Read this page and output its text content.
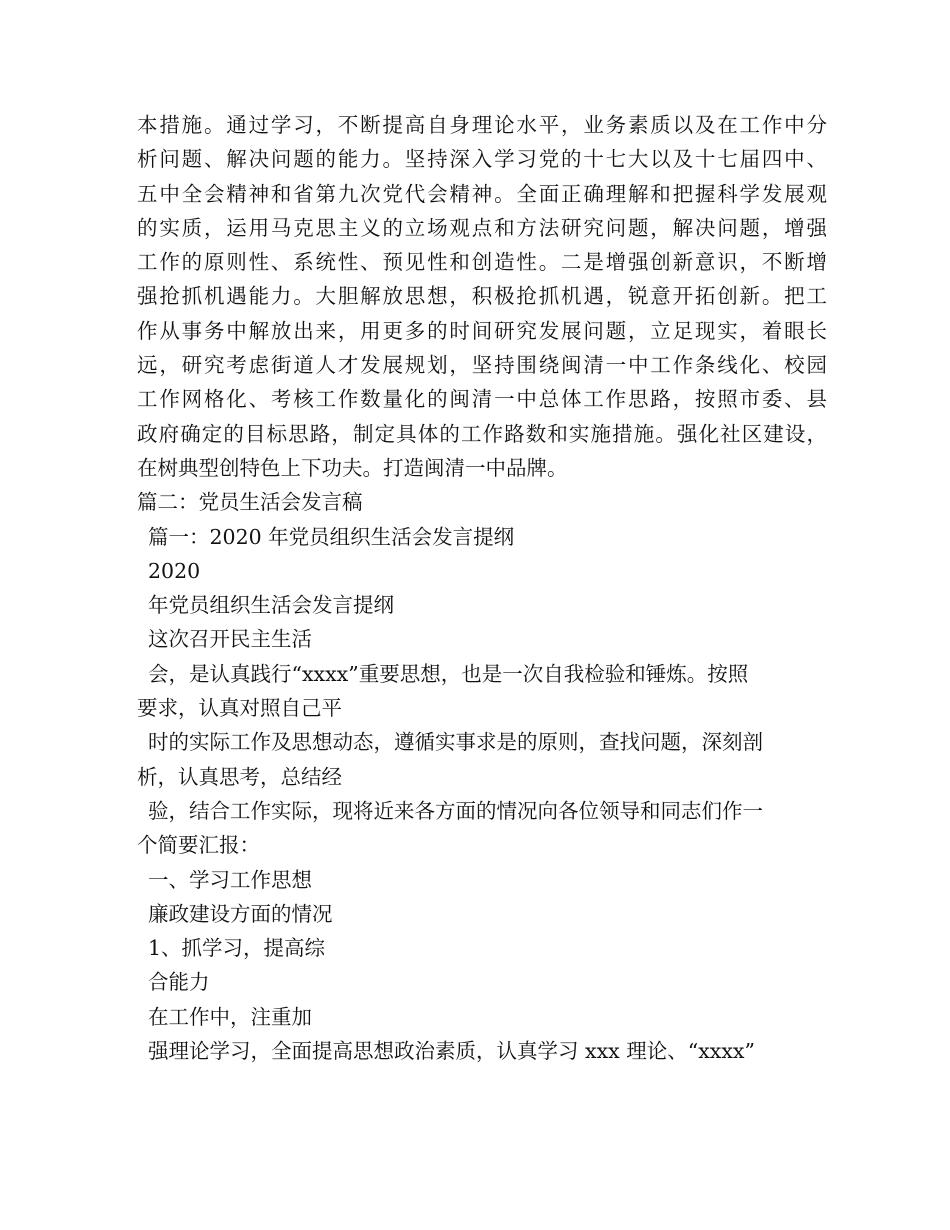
本措施。通过学习，不断提高自身理论水平，业务素质以及在工作中分
析问题、解决问题的能力。坚持深入学习党的十七大以及十七届四中、
五中全会精神和省第九次党代会精神。全面正确理解和把握科学发展观
的实质，运用马克思主义的立场观点和方法研究问题，解决问题，增强
工作的原则性、系统性、预见性和创造性。二是增强创新意识，不断增
强抢抓机遇能力。大胆解放思想，积极抢抓机遇，锐意开拓创新。把工
作从事务中解放出来，用更多的时间研究发展问题，立足现实，着眼长
远，研究考虑街道人才发展规划，坚持围绕闽清一中工作条线化、校园
工作网格化、考核工作数量化的闽清一中总体工作思路，按照市委、县
政府确定的目标思路，制定具体的工作路数和实施措施。强化社区建设，
在树典型创特色上下功夫。打造闽清一中品牌。
篇二：党员生活会发言稿
篇一：2020 年党员组织生活会发言提纲
2020
年党员组织生活会发言提纲
这次召开民主生活
会，是认真践行“xxxx”重要思想，也是一次自我检验和锤炼。按照
要求，认真对照自己平
时的实际工作及思想动态，遵循实事求是的原则，查找问题，深刻剖
析，认真思考，总结经
验，结合工作实际，现将近来各方面的情况向各位领导和同志们作一
个简要汇报：
一、学习工作思想
廉政建设方面的情况
1、抓学习，提高综
合能力
在工作中，注重加
强理论学习，全面提高思想政治素质，认真学习 xxx 理论、“xxxx”
